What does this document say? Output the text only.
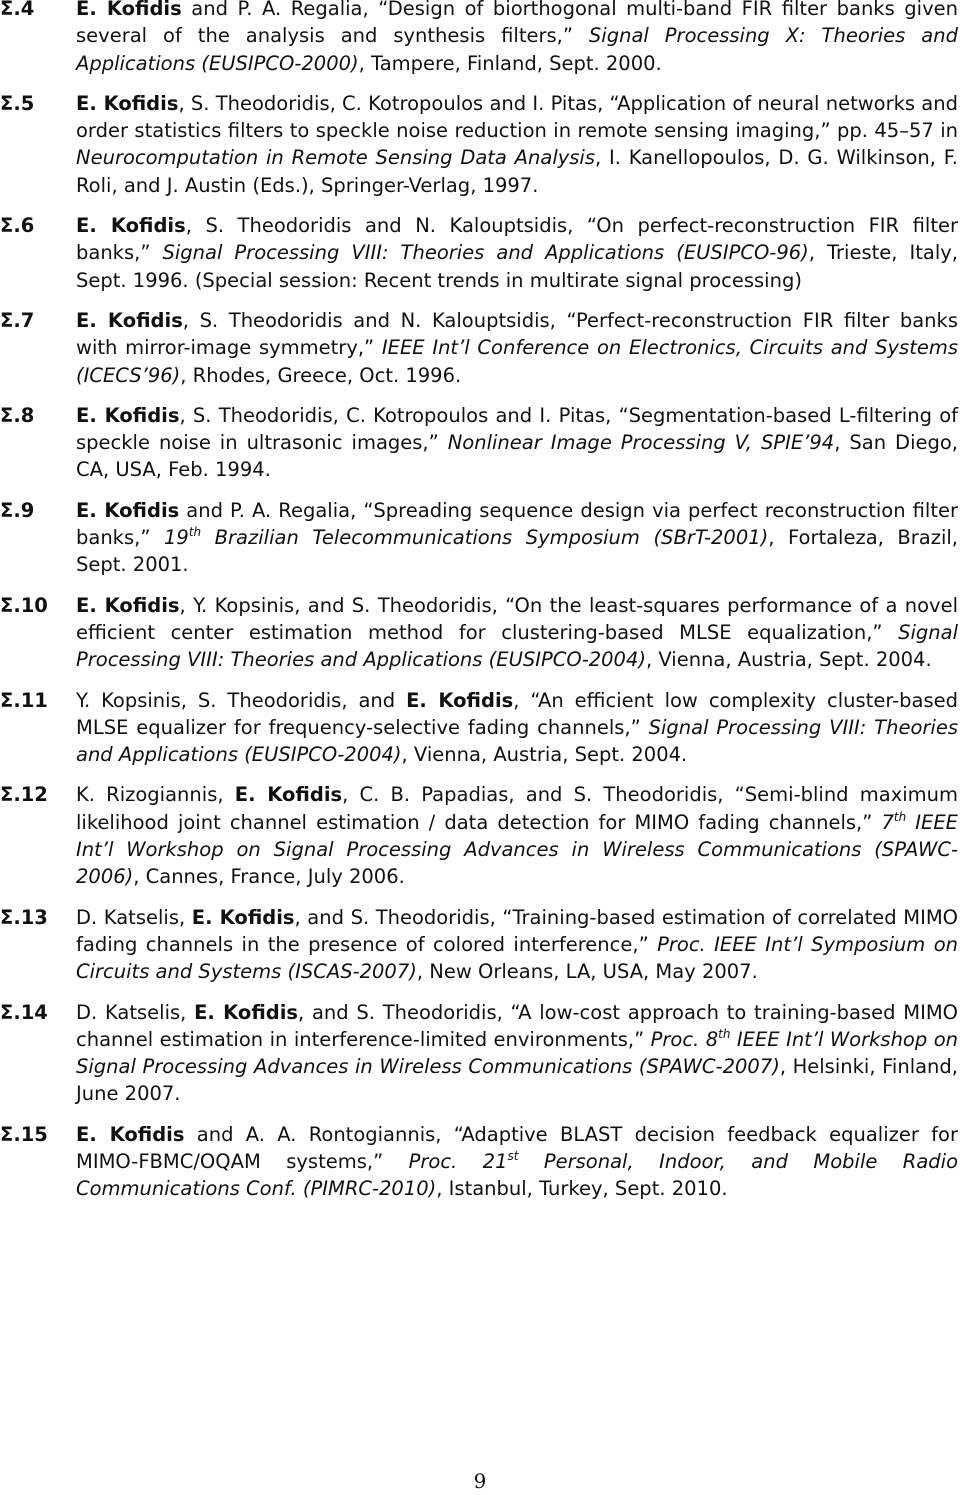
Σ.4 E. Kofidis and P. A. Regalia, “Design of biorthogonal multi-band FIR filter banks given several of the analysis and synthesis filters,” Signal Processing X: Theories and Applications (EUSIPCO-2000), Tampere, Finland, Sept. 2000.
Σ.5 E. Kofidis, S. Theodoridis, C. Kotropoulos and I. Pitas, “Application of neural networks and order statistics filters to speckle noise reduction in remote sensing imaging,” pp. 45–57 in Neurocomputation in Remote Sensing Data Analysis, I. Kanellopoulos, D. G. Wilkinson, F. Roli, and J. Austin (Eds.), Springer-Verlag, 1997.
Σ.6 E. Kofidis, S. Theodoridis and N. Kalouptsidis, “On perfect-reconstruction FIR filter banks,” Signal Processing VIII: Theories and Applications (EUSIPCO-96), Trieste, Italy, Sept. 1996. (Special session: Recent trends in multirate signal processing)
Σ.7 E. Kofidis, S. Theodoridis and N. Kalouptsidis, “Perfect-reconstruction FIR filter banks with mirror-image symmetry,” IEEE Int’l Conference on Electronics, Circuits and Systems (ICECS’96), Rhodes, Greece, Oct. 1996.
Σ.8 E. Kofidis, S. Theodoridis, C. Kotropoulos and I. Pitas, “Segmentation-based L-filtering of speckle noise in ultrasonic images,” Nonlinear Image Processing V, SPIE’94, San Diego, CA, USA, Feb. 1994.
Σ.9 E. Kofidis and P. A. Regalia, “Spreading sequence design via perfect reconstruction filter banks,” 19th Brazilian Telecommunications Symposium (SBrT-2001), Fortaleza, Brazil, Sept. 2001.
Σ.10 E. Kofidis, Y. Kopsinis, and S. Theodoridis, “On the least-squares performance of a novel efficient center estimation method for clustering-based MLSE equalization,” Signal Processing VIII: Theories and Applications (EUSIPCO-2004), Vienna, Austria, Sept. 2004.
Σ.11 Y. Kopsinis, S. Theodoridis, and E. Kofidis, “An efficient low complexity cluster-based MLSE equalizer for frequency-selective fading channels,” Signal Processing VIII: Theories and Applications (EUSIPCO-2004), Vienna, Austria, Sept. 2004.
Σ.12 K. Rizogiannis, E. Kofidis, C. B. Papadias, and S. Theodoridis, “Semi-blind maximum likelihood joint channel estimation / data detection for MIMO fading channels,” 7th IEEE Int’l Workshop on Signal Processing Advances in Wireless Communications (SPAWC-2006), Cannes, France, July 2006.
Σ.13 D. Katselis, E. Kofidis, and S. Theodoridis, “Training-based estimation of correlated MIMO fading channels in the presence of colored interference,” Proc. IEEE Int’l Symposium on Circuits and Systems (ISCAS-2007), New Orleans, LA, USA, May 2007.
Σ.14 D. Katselis, E. Kofidis, and S. Theodoridis, “A low-cost approach to training-based MIMO channel estimation in interference-limited environments,” Proc. 8th IEEE Int’l Workshop on Signal Processing Advances in Wireless Communications (SPAWC-2007), Helsinki, Finland, June 2007.
Σ.15 E. Kofidis and A. A. Rontogiannis, “Adaptive BLAST decision feedback equalizer for MIMO-FBMC/OQAM systems,” Proc. 21st Personal, Indoor, and Mobile Radio Communications Conf. (PIMRC-2010), Istanbul, Turkey, Sept. 2010.
9
